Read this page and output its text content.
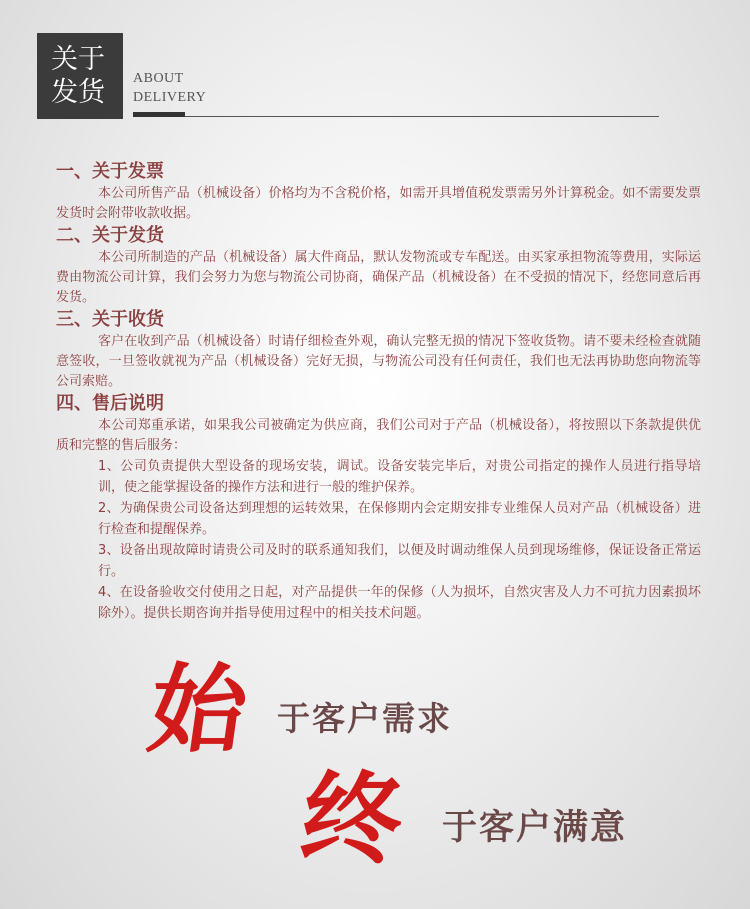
关于
发货	ABOUT
DELIVERY

一、关于发票

本公司所售产品（机械设备）价格均为不含税价格，如需开具增值税发票需另外计算税金。如不需要发票发货时会附带收款收据。

二、关于发货

本公司所制造的产品（机械设备）属大件商品，默认发物流或专车配送。由买家承担物流等费用，实际运费由物流公司计算，我们会努力为您与物流公司协商，确保产品（机械设备）在不受损的情况下，经您同意后再发货。

三、关于收货

客户在收到产品（机械设备）时请仔细检查外观，确认完整无损的情况下签收货物。请不要未经检查就随意签收，一旦签收就视为产品（机械设备）完好无损，与物流公司没有任何责任，我们也无法再协助您向物流等公司索赔。

四、售后说明

本公司郑重承诺，如果我公司被确定为供应商，我们公司对于产品（机械设备），将按照以下条款提供优质和完整的售后服务：

1、公司负责提供大型设备的现场安装，调试。设备安装完毕后，对贵公司指定的操作人员进行指导培训，使之能掌握设备的操作方法和进行一般的维护保养。

2、为确保贵公司设备达到理想的运转效果，在保修期内会定期安排专业维保人员对产品（机械设备）进行检查和提醒保养。

3、设备出现故障时请贵公司及时的联系通知我们，以便及时调动维保人员到现场维修，保证设备正常运行。

4、在设备验收交付使用之日起，对产品提供一年的保修（人为损坏，自然灾害及人力不可抗力因素损坏除外）。提供长期咨询并指导使用过程中的相关技术问题。

始 于客户需求
终 于客户满意
